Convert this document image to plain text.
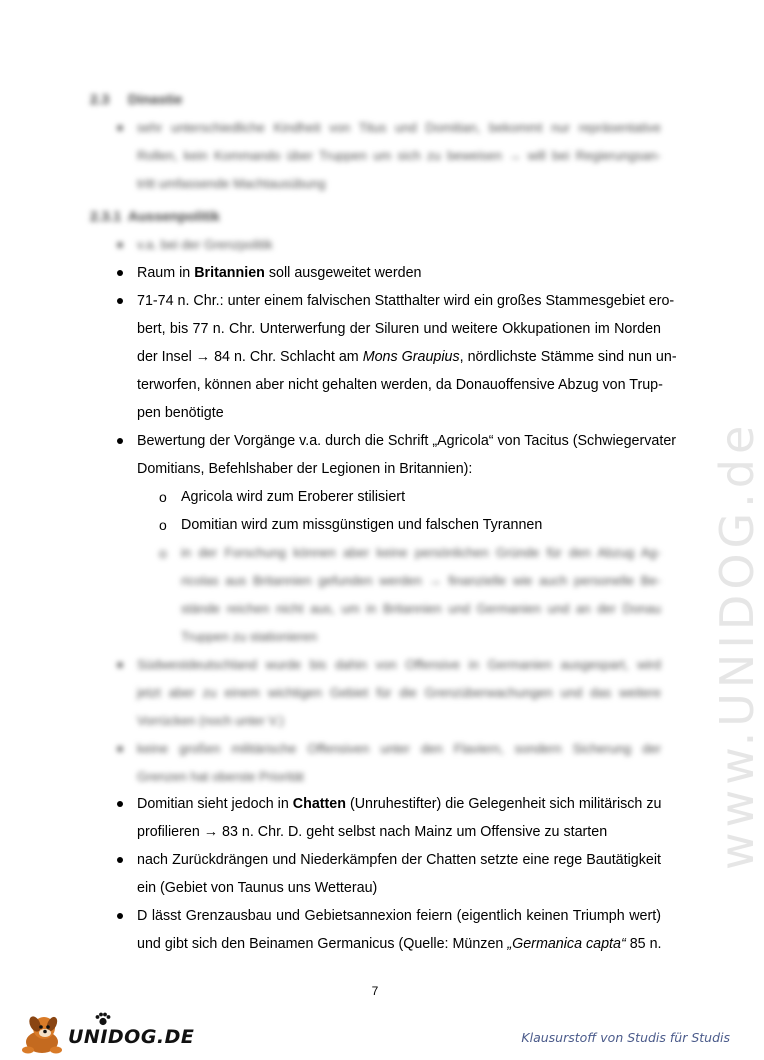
www.UNIDOG.de
2.3 Dinastie
sehr unterschiedliche Kindheit von Titus und Domitian, bekommt nur repräsentative
Rollen, kein Kommando über Truppen um sich zu beweisen → will bei Regierungsan-
tritt umfassende Machtausübung
2.3.1 Aussenpolitik
v.a. bei der Grenzpolitik
Raum in Britannien soll ausgeweitet werden
71-74 n. Chr.: unter einem falvischen Statthalter wird ein großes Stammesgebiet ero-
bert, bis 77 n. Chr. Unterwerfung der Siluren und weitere Okkupationen im Norden
der Insel → 84 n. Chr. Schlacht am Mons Graupius, nördlichste Stämme sind nun un-
terworfen, können aber nicht gehalten werden, da Donauoffensive Abzug von Trup-
pen benötigte
Bewertung der Vorgänge v.a. durch die Schrift „Agricola“ von Tacitus (Schwiegervater
Domitians, Befehlshaber der Legionen in Britannien):
o Agricola wird zum Eroberer stilisiert
o Domitian wird zum missgünstigen und falschen Tyrannen
o in der Forschung können aber keine persönlichen Gründe für den Abzug Ag-
ricolas aus Britannien gefunden werden → finanzielle wie auch personelle Be-
stände reichen nicht aus, um in Britannien und Germanien und an der Donau
Truppen zu stationieren
Südwestdeutschland wurde bis dahin von Offensive in Germanien ausgespart, wird
jetzt aber zu einem wichtigen Gebiet für die Grenzüberwachungen und das weitere
Vorrücken (noch unter V.)
keine großen militärische Offensiven unter den Flaviern, sondern Sicherung der
Grenzen hat oberste Priorität
Domitian sieht jedoch in Chatten (Unruhestifter) die Gelegenheit sich militärisch zu
profilieren → 83 n. Chr. D. geht selbst nach Mainz um Offensive zu starten
nach Zurückdrängen und Niederkämpfen der Chatten setzte eine rege Bautätigkeit
ein (Gebiet von Taunus uns Wetterau)
D lässt Grenzausbau und Gebietsannexion feiern (eigentlich keinen Triumph wert)
und gibt sich den Beinamen Germanicus (Quelle: Münzen „Germanica capta“ 85 n.
7
UNIDOG.DE	Klausurstoff von Studis für Studis
